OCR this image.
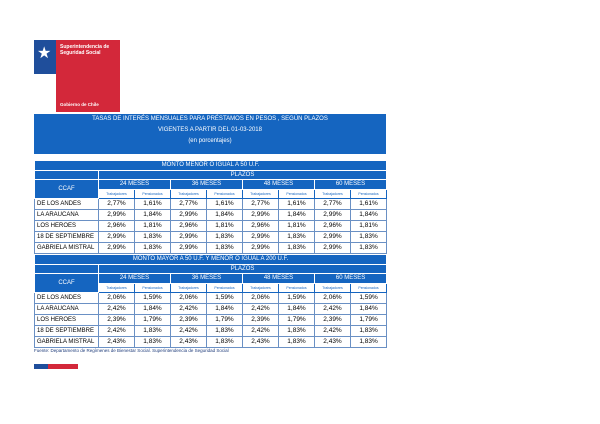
★ Superintendencia de Seguridad Social
Gobierno de Chile
TASAS DE INTERÉS MENSUALES PARA PRÉSTAMOS EN PESOS , SEGÚN PLAZOS
VIGENTES A PARTIR DEL 01-03-2018
(en porcentajes)
MONTO MENOR O IGUAL A 50 U.F.								
	PLAZOS							
CCAF	24 MESES		36 MESES		48 MESES		60 MESES	
	Trabajadores	Pensionados	Trabajadores	Pensionados	Trabajadores	Pensionados	Trabajadores	Pensionados
DE LOS ANDES	2,77%	1,61%	2,77%	1,61%	2,77%	1,61%	2,77%	1,61%
LA ARAUCANA	2,99%	1,84%	2,99%	1,84%	2,99%	1,84%	2,99%	1,84%
LOS HEROES	2,96%	1,81%	2,96%	1,81%	2,96%	1,81%	2,96%	1,81%
18 DE SEPTIEMBRE	2,99%	1,83%	2,99%	1,83%	2,99%	1,83%	2,99%	1,83%
GABRIELA MISTRAL	2,99%	1,83%	2,99%	1,83%	2,99%	1,83%	2,99%	1,83%
MONTO MAYOR A 50 U.F. Y MENOR O IGUAL A 200 U.F.								
	PLAZOS							
CCAF	24 MESES		36 MESES		48 MESES		60 MESES	
	Trabajadores	Pensionados	Trabajadores	Pensionados	Trabajadores	Pensionados	Trabajadores	Pensionados
DE LOS ANDES	2,06%	1,59%	2,06%	1,59%	2,06%	1,59%	2,06%	1,59%
LA ARAUCANA	2,42%	1,84%	2,42%	1,84%	2,42%	1,84%	2,42%	1,84%
LOS HEROES	2,39%	1,79%	2,39%	1,79%	2,39%	1,79%	2,39%	1,79%
18 DE SEPTIEMBRE	2,42%	1,83%	2,42%	1,83%	2,42%	1,83%	2,42%	1,83%
GABRIELA MISTRAL	2,43%	1,83%	2,43%	1,83%	2,43%	1,83%	2,43%	1,83%
Fuente: Departamento de Regímenes de Bienestar Social. Superintendencia de Seguridad Social
